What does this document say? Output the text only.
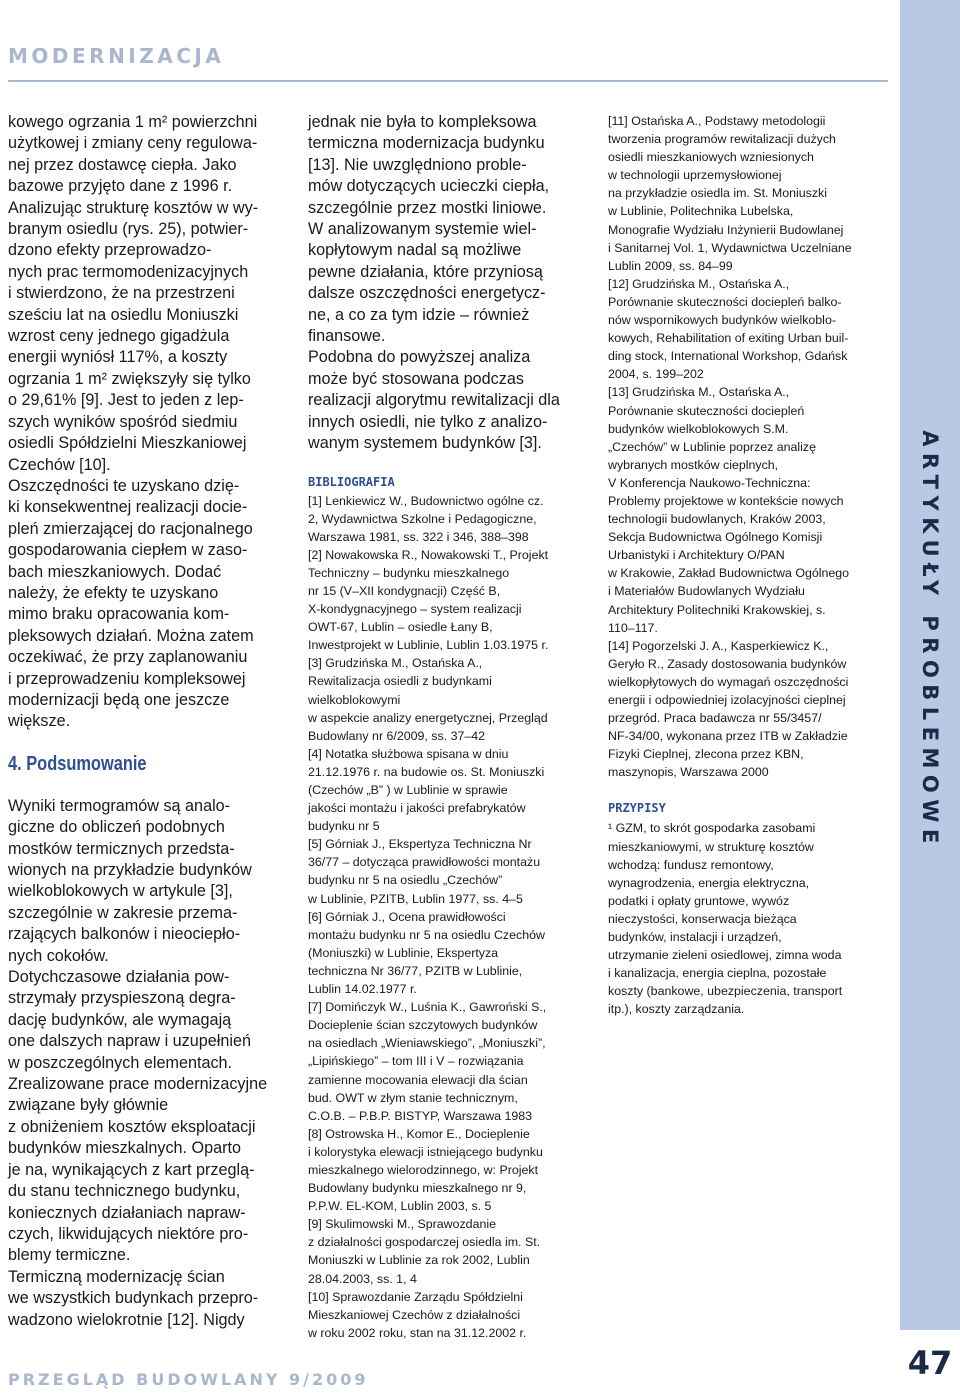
MODERNIZACJA
ARTYKUŁY PROBLEMOWE
kowego ogrzania 1 m² powierzchni
użytkowej i zmiany ceny regulowa-
nej przez dostawcę ciepła. Jako
bazowe przyjęto dane z 1996 r.
Analizując strukturę kosztów w wy-
branym osiedlu (rys. 25), potwier-
dzono efekty przeprowadzo-
nych prac termomodenizacyjnych
i stwierdzono, że na przestrzeni
sześciu lat na osiedlu Moniuszki
wzrost ceny jednego gigadżula
energii wyniósł 117%, a koszty
ogrzania 1 m² zwiększyły się tylko
o 29,61% [9]. Jest to jeden z lep-
szych wyników spośród siedmiu
osiedli Spółdzielni Mieszkaniowej
Czechów [10].
Oszczędności te uzyskano dzię-
ki konsekwentnej realizacji docie-
pleń zmierzającej do racjonalnego
gospodarowania ciepłem w zaso-
bach mieszkaniowych. Dodać
należy, że efekty te uzyskano
mimo braku opracowania kom-
pleksowych działań. Można zatem
oczekiwać, że przy zaplanowaniu
i przeprowadzeniu kompleksowej
modernizacji będą one jeszcze
większe.
4. Podsumowanie
Wyniki termogramów są analo-
giczne do obliczeń podobnych
mostków termicznych przedsta-
wionych na przykładzie budynków
wielkoblokowych w artykule [3],
szczególnie w zakresie przema-
rzających balkonów i nieociepło-
nych cokołów.
Dotychczasowe działania pow-
strzymały przyspieszoną degra-
dację budynków, ale wymagają
one dalszych napraw i uzupełnień
w poszczególnych elementach.
Zrealizowane prace modernizacyjne
związane były głównie
z obniżeniem kosztów eksploatacji
budynków mieszkalnych. Oparto
je na, wynikających z kart przeglą-
du stanu technicznego budynku,
koniecznych działaniach napraw-
czych, likwidujących niektóre pro-
blemy termiczne.
Termiczną modernizację ścian
we wszystkich budynkach przepro-
wadzono wielokrotnie [12]. Nigdy
jednak nie była to kompleksowa
termiczna modernizacja budynku
[13]. Nie uwzględniono proble-
mów dotyczących ucieczki ciepła,
szczególnie przez mostki liniowe.
W analizowanym systemie wiel-
kopłytowym nadal są możliwe
pewne działania, które przyniosą
dalsze oszczędności energetycz-
ne, a co za tym idzie – również
finansowe.
Podobna do powyższej analiza
może być stosowana podczas
realizacji algorytmu rewitalizacji dla
innych osiedli, nie tylko z analizo-
wanym systemem budynków [3].
BIBLIOGRAFIA
[1] Lenkiewicz W., Budownictwo ogólne cz.
2, Wydawnictwa Szkolne i Pedagogiczne,
Warszawa 1981, ss. 322 i 346, 388–398
[2] Nowakowska R., Nowakowski T., Projekt
Techniczny – budynku mieszkalnego
nr 15 (V–XII kondygnacji) Część B,
X-kondygnacyjnego – system realizacji
OWT-67, Lublin – osiedle Łany B,
Inwestprojekt w Lublinie, Lublin 1.03.1975 r.
[3] Grudzińska M., Ostańska A.,
Rewitalizacja osiedli z budynkami
wielkoblokowymi
w aspekcie analizy energetycznej, Przegląd
Budowlany nr 6/2009, ss. 37–42
[4] Notatka służbowa spisana w dniu
21.12.1976 r. na budowie os. St. Moniuszki
(Czechów „B” ) w Lublinie w sprawie
jakości montażu i jakości prefabrykatów
budynku nr 5
[5] Górniak J., Ekspertyza Techniczna Nr
36/77 – dotycząca prawidłowości montażu
budynku nr 5 na osiedlu „Czechów”
w Lublinie, PZITB, Lublin 1977, ss. 4–5
[6] Górniak J., Ocena prawidłowości
montażu budynku nr 5 na osiedlu Czechów
(Moniuszki) w Lublinie, Ekspertyza
techniczna Nr 36/77, PZITB w Lublinie,
Lublin 14.02.1977 r.
[7] Domińczyk W., Luśnia K., Gawroński S.,
Docieplenie ścian szczytowych budynków
na osiedlach „Wieniawskiego”, „Moniuszki”,
„Lipińskiego” – tom III i V – rozwiązania
zamienne mocowania elewacji dla ścian
bud. OWT w złym stanie technicznym,
C.O.B. – P.B.P. BISTYP, Warszawa 1983
[8] Ostrowska H., Komor E., Docieplenie
i kolorystyka elewacji istniejącego budynku
mieszkalnego wielorodzinnego, w: Projekt
Budowlany budynku mieszkalnego nr 9,
P.P.W. EL-KOM, Lublin 2003, s. 5
[9] Skulimowski M., Sprawozdanie
z działalności gospodarczej osiedla im. St.
Moniuszki w Lublinie za rok 2002, Lublin
28.04.2003, ss. 1, 4
[10] Sprawozdanie Zarządu Spółdzielni
Mieszkaniowej Czechów z działalności
w roku 2002 roku, stan na 31.12.2002 r.
[11] Ostańska A., Podstawy metodologii
tworzenia programów rewitalizacji dużych
osiedli mieszkaniowych wzniesionych
w technologii uprzemysłowionej
na przykładzie osiedla im. St. Moniuszki
w Lublinie, Politechnika Lubelska,
Monografie Wydziału Inżynierii Budowlanej
i Sanitarnej Vol. 1, Wydawnictwa Uczelniane
Lublin 2009, ss. 84–99
[12] Grudzińska M., Ostańska A.,
Porównanie skuteczności dociepleń balko-
nów wspornikowych budynków wielkoblo-
kowych, Rehabilitation of exiting Urban buil-
ding stock, International Workshop, Gdańsk
2004, s. 199–202
[13] Grudzińska M., Ostańska A.,
Porównanie skuteczności dociepleń
budynków wielkoblokowych S.M.
„Czechów” w Lublinie poprzez analizę
wybranych mostków cieplnych,
V Konferencja Naukowo-Techniczna:
Problemy projektowe w kontekście nowych
technologii budowlanych, Kraków 2003,
Sekcja Budownictwa Ogólnego Komisji
Urbanistyki i Architektury O/PAN
w Krakowie, Zakład Budownictwa Ogólnego
i Materiałów Budowlanych Wydziału
Architektury Politechniki Krakowskiej, s.
110–117.
[14] Pogorzelski J. A., Kasperkiewicz K.,
Geryło R., Zasady dostosowania budynków
wielkopłytowych do wymagań oszczędności
energii i odpowiedniej izolacyjności cieplnej
przegród. Praca badawcza nr 55/3457/
NF-34/00, wykonana przez ITB w Zakładzie
Fizyki Cieplnej, zlecona przez KBN,
maszynopis, Warszawa 2000
PRZYPISY
¹ GZM, to skrót gospodarka zasobami
mieszkaniowymi, w strukturę kosztów
wchodzą: fundusz remontowy,
wynagrodzenia, energia elektryczna,
podatki i opłaty gruntowe, wywóz
nieczystości, konserwacja bieżąca
budynków, instalacji i urządzeń,
utrzymanie zieleni osiedlowej, zimna woda
i kanalizacja, energia cieplna, pozostałe
koszty (bankowe, ubezpieczenia, transport
itp.), koszty zarządzania.
PRZEGLĄD BUDOWLANY 9/2009	47
